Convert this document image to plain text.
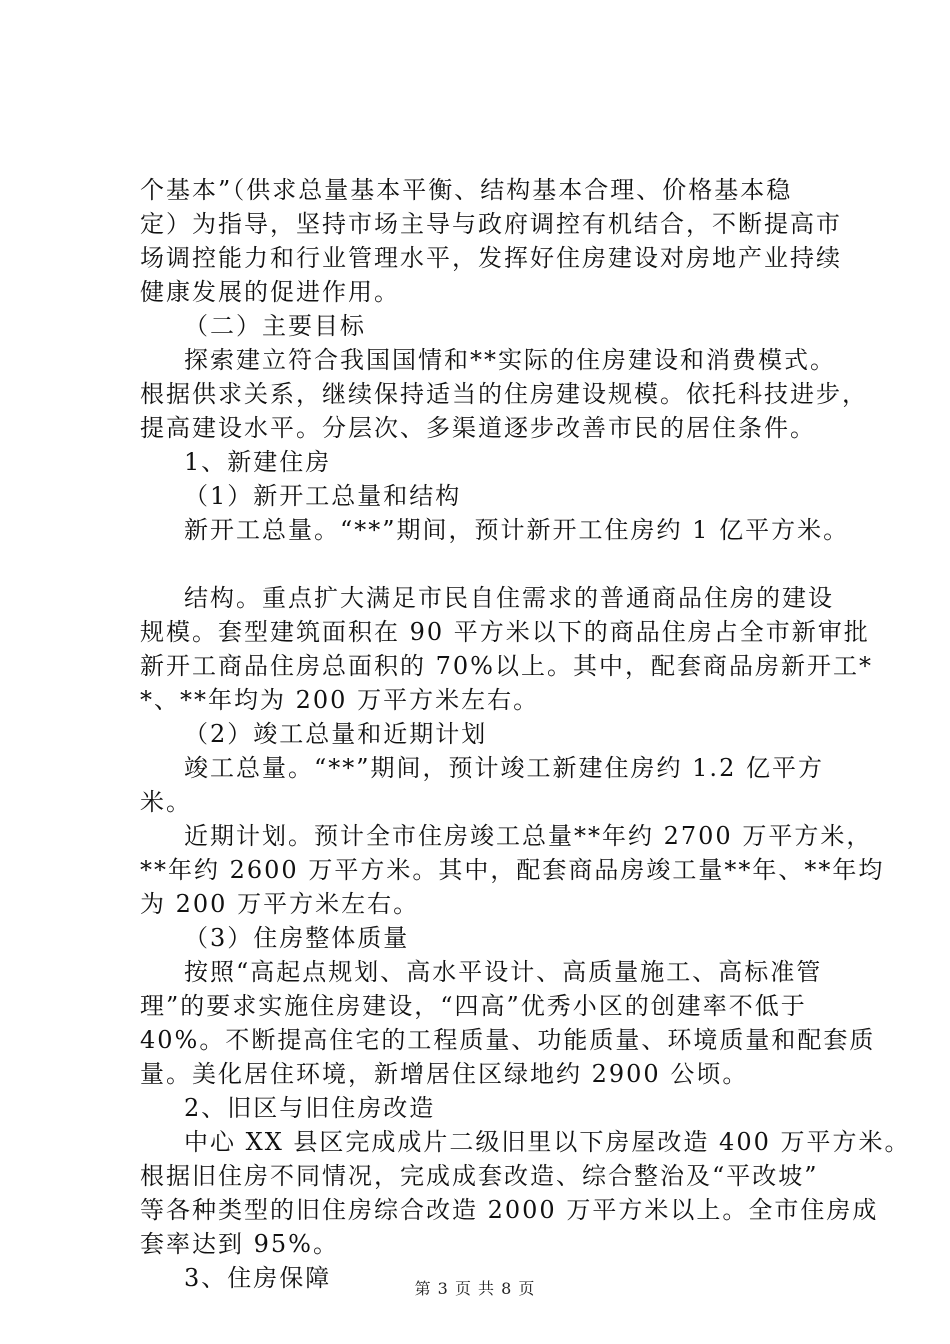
个基本”（供求总量基本平衡、结构基本合理、价格基本稳
定）为指导，坚持市场主导与政府调控有机结合，不断提高市
场调控能力和行业管理水平，发挥好住房建设对房地产业持续
健康发展的促进作用。
（二）主要目标
探索建立符合我国国情和**实际的住房建设和消费模式。
根据供求关系，继续保持适当的住房建设规模。依托科技进步，
提高建设水平。分层次、多渠道逐步改善市民的居住条件。
1、新建住房
（1）新开工总量和结构
新开工总量。“**”期间，预计新开工住房约 1 亿平方米。
结构。重点扩大满足市民自住需求的普通商品住房的建设
规模。套型建筑面积在 90 平方米以下的商品住房占全市新审批
新开工商品住房总面积的 70%以上。其中，配套商品房新开工*
*、**年均为 200 万平方米左右。
（2）竣工总量和近期计划
竣工总量。“**”期间，预计竣工新建住房约 1.2 亿平方
米。
近期计划。预计全市住房竣工总量**年约 2700 万平方米，
**年约 2600 万平方米。其中，配套商品房竣工量**年、**年均
为 200 万平方米左右。
（3）住房整体质量
按照“高起点规划、高水平设计、高质量施工、高标准管
理”的要求实施住房建设，“四高”优秀小区的创建率不低于
40%。不断提高住宅的工程质量、功能质量、环境质量和配套质
量。美化居住环境，新增居住区绿地约 2900 公顷。
2、旧区与旧住房改造
中心 XX 县区完成成片二级旧里以下房屋改造 400 万平方米。
根据旧住房不同情况，完成成套改造、综合整治及“平改坡”
等各种类型的旧住房综合改造 2000 万平方米以上。全市住房成
套率达到 95%。
3、住房保障	第 3 页 共 8 页
